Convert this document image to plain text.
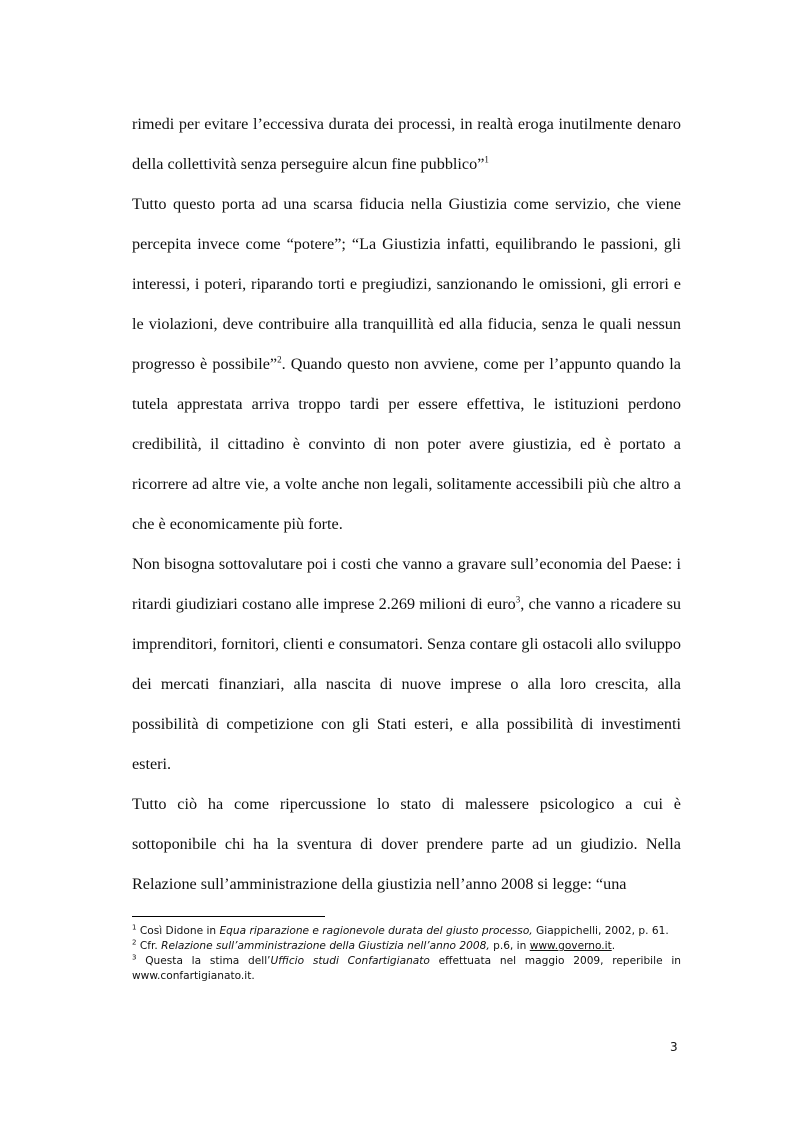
rimedi per evitare l’eccessiva durata dei processi, in realtà eroga inutilmente denaro della collettività senza perseguire alcun fine pubblico”$^1$

Tutto questo porta ad una scarsa fiducia nella Giustizia come servizio, che viene percepita invece come “potere”; “La Giustizia infatti, equilibrando le passioni, gli interessi, i poteri, riparando torti e pregiudizi, sanzionando le omissioni, gli errori e le violazioni, deve contribuire alla tranquillità ed alla fiducia, senza le quali nessun progresso è possibile”$^2$. Quando questo non avviene, come per l’appunto quando la tutela apprestata arriva troppo tardi per essere effettiva, le istituzioni perdono credibilità, il cittadino è convinto di non poter avere giustizia, ed è portato a ricorrere ad altre vie, a volte anche non legali, solitamente accessibili più che altro a che è economicamente più forte.

Non bisogna sottovalutare poi i costi che vanno a gravare sull’economia del Paese: i ritardi giudiziari costano alle imprese 2.269 milioni di euro$^3$, che vanno a ricadere su imprenditori, fornitori, clienti e consumatori. Senza contare gli ostacoli allo sviluppo dei mercati finanziari, alla nascita di nuove imprese o alla loro crescita, alla possibilità di competizione con gli Stati esteri, e alla possibilità di investimenti esteri.

Tutto ciò ha come ripercussione lo stato di malessere psicologico a cui è sottoponibile chi ha la sventura di dover prendere parte ad un giudizio. Nella Relazione sull’amministrazione della giustizia nell’anno 2008 si legge: “una

$^1$ Così Didone in Equa riparazione e ragionevole durata del giusto processo, Giappichelli, 2002, p. 61.

$^2$ Cfr. Relazione sull’amministrazione della Giustizia nell’anno 2008, p.6, in www.governo.it.

$^3$ Questa la stima dell’Ufficio studi Confartigianato effettuata nel maggio 2009, reperibile in www.confartigianato.it.

3
